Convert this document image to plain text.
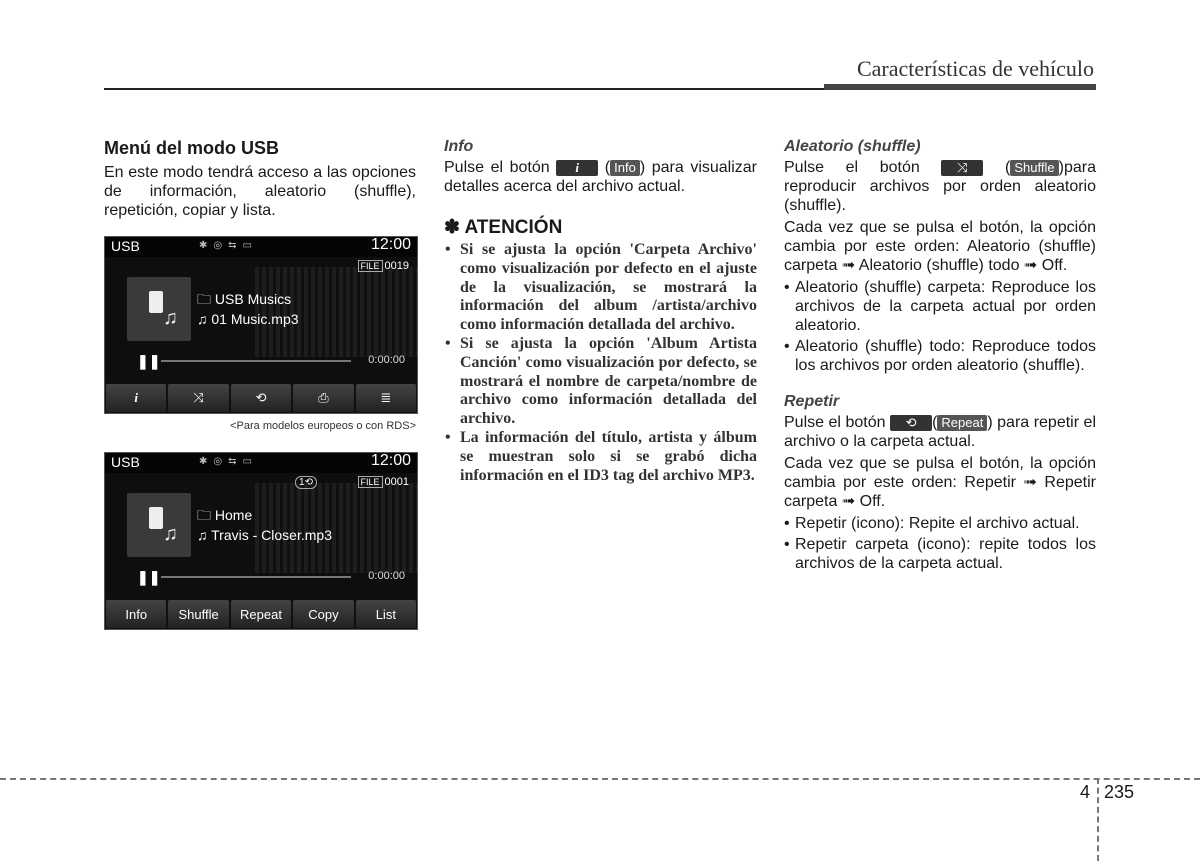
Características de vehículo
Menú del modo USB

En este modo tendrá acceso a las opciones de información, aleatorio (shuffle), repetición, copiar y lista.

USB	✱◎⇆▭	12:00
♫
FILE 0019
🗀 USB Musics
♫ 01 Music.mp3
❚❚	0:00:00
i	⤨	⟲	⎙	≣
<Para modelos europeos o con RDS>
USB	✱◎⇆▭	12:00
♫
1⟲	FILE 0001
🗀 Home
♫ Travis - Closer.mp3
❚❚	0:00:00
Info	Shuffle	Repeat	Copy	List
Info

Pulse el botón i ( Info ) para visualizar detalles acerca del archivo actual.

✽ ATENCIÓN
• Si se ajusta la opción 'Carpeta Archivo' como visualización por defecto en el ajuste de la visualización, se mostrará la información del album /artista/archivo como información detallada del archivo.
• Si se ajusta la opción 'Album Artista Canción' como visualización por defecto, se mostrará el nombre de carpeta/nombre de archivo como información detallada del archivo.
• La información del título, artista y álbum se muestran solo si se grabó dicha información en el ID3 tag del archivo MP3.
Aleatorio (shuffle)

Pulse el botón	⤨ ( Shuffle )para reproducir archivos por orden aleatorio (shuffle).

Cada vez que se pulsa el botón, la opción cambia por este orden: Aleatorio (shuffle) carpeta ➟ Aleatorio (shuffle) todo ➟ Off.

• Aleatorio (shuffle) carpeta: Reproduce los archivos de la carpeta actual por orden aleatorio.
• Aleatorio (shuffle) todo: Reproduce todos los archivos por orden aleatorio (shuffle).
Repetir

Pulse el botón ⟲ ( Repeat ) para repetir el archivo o la carpeta actual.

Cada vez que se pulsa el botón, la opción cambia por este orden: Repetir ➟ Repetir carpeta ➟ Off.

• Repetir (icono): Repite el archivo actual.
• Repetir carpeta (icono): repite todos los archivos de la carpeta actual.
4 235
